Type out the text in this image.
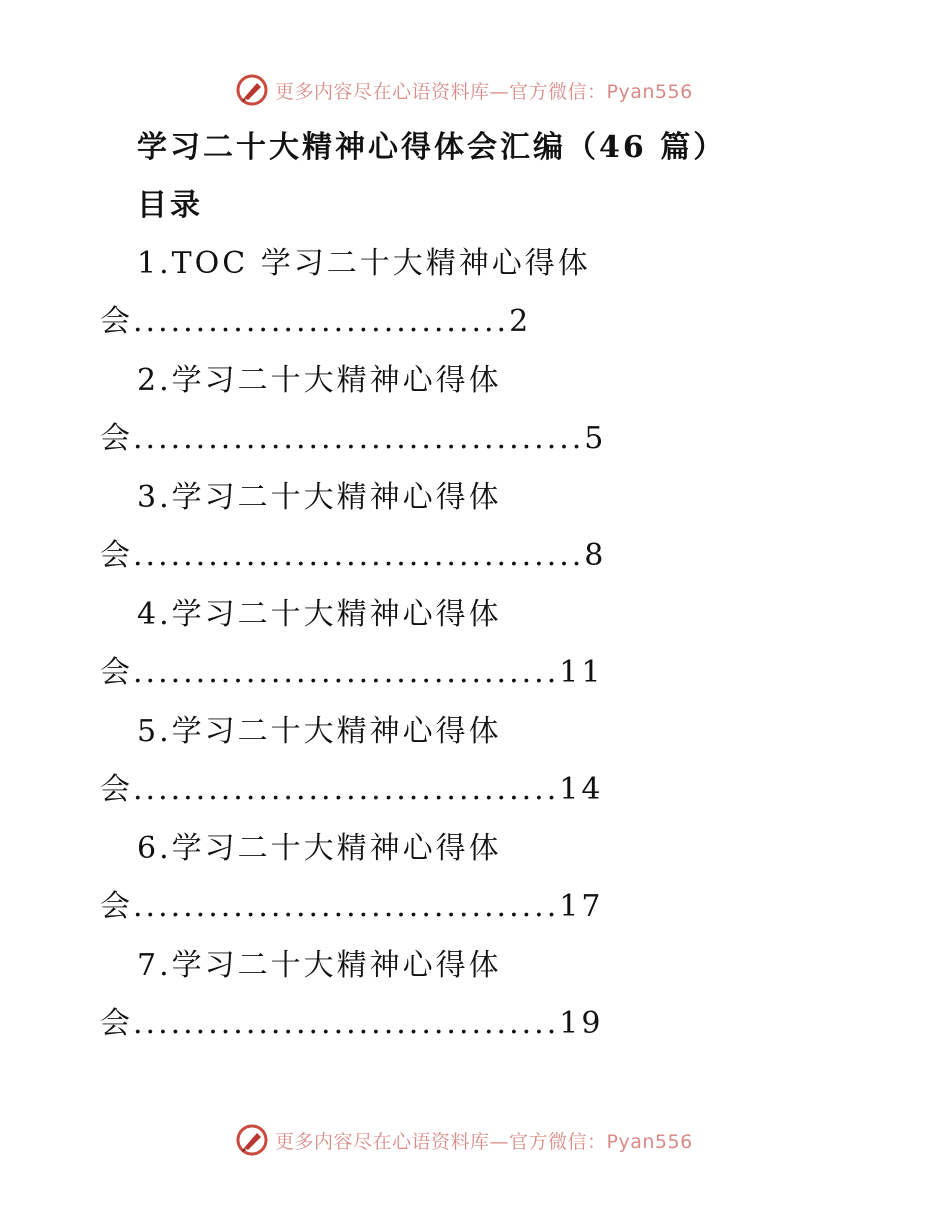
更多内容尽在心语资料库—官方微信：Pyan556
学习二十大精神心得体会汇编（46 篇）
目录
1.TOC 学习二十大精神心得体
会..............................2
2.学习二十大精神心得体
会....................................5
3.学习二十大精神心得体
会....................................8
4.学习二十大精神心得体
会..................................11
5.学习二十大精神心得体
会..................................14
6.学习二十大精神心得体
会..................................17
7.学习二十大精神心得体
会..................................19
更多内容尽在心语资料库—官方微信：Pyan556
